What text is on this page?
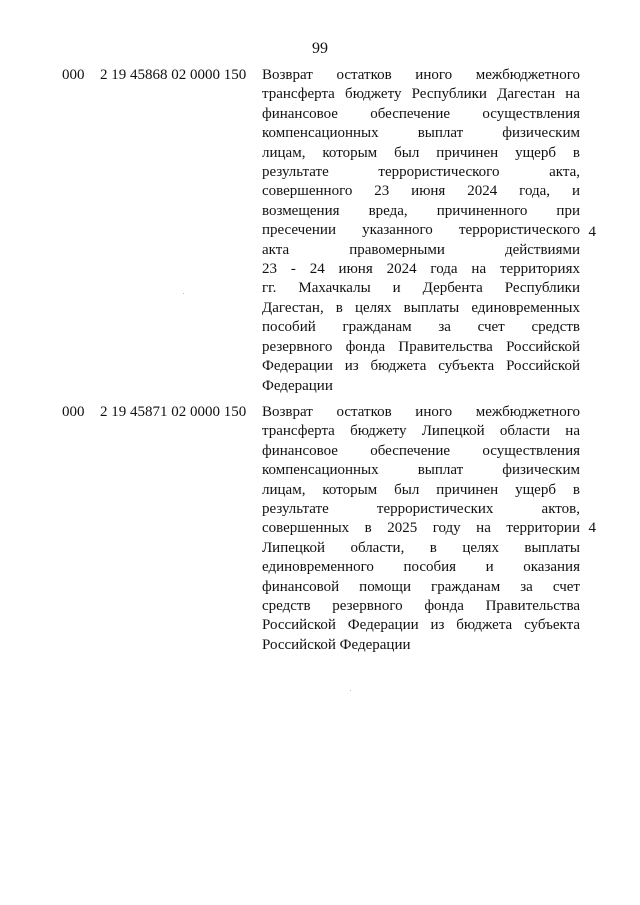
99
000 2 19 45868 02 0000 150 Возврат остатков иного межбюджетного
трансферта бюджету Республики Дагестан на
финансовое обеспечение осуществления
компенсационных выплат физическим
лицам, которым был причинен ущерб в
результате террористического акта,
совершенного 23 июня 2024 года, и
возмещения вреда, причиненного при
пресечении указанного террористического
акта правомерными действиями
23 - 24 июня 2024 года на территориях
гг. Махачкалы и Дербента Республики
Дагестан, в целях выплаты единовременных
пособий гражданам за счет средств
резервного фонда Правительства Российской
Федерации из бюджета субъекта Российской
Федерации
4
000 2 19 45871 02 0000 150 Возврат остатков иного межбюджетного
трансферта бюджету Липецкой области на
финансовое обеспечение осуществления
компенсационных выплат физическим
лицам, которым был причинен ущерб в
результате террористических актов,
совершенных в 2025 году на территории
Липецкой области, в целях выплаты
единовременного пособия и оказания
финансовой помощи гражданам за счет
средств резервного фонда Правительства
Российской Федерации из бюджета субъекта
Российской Федерации
4
